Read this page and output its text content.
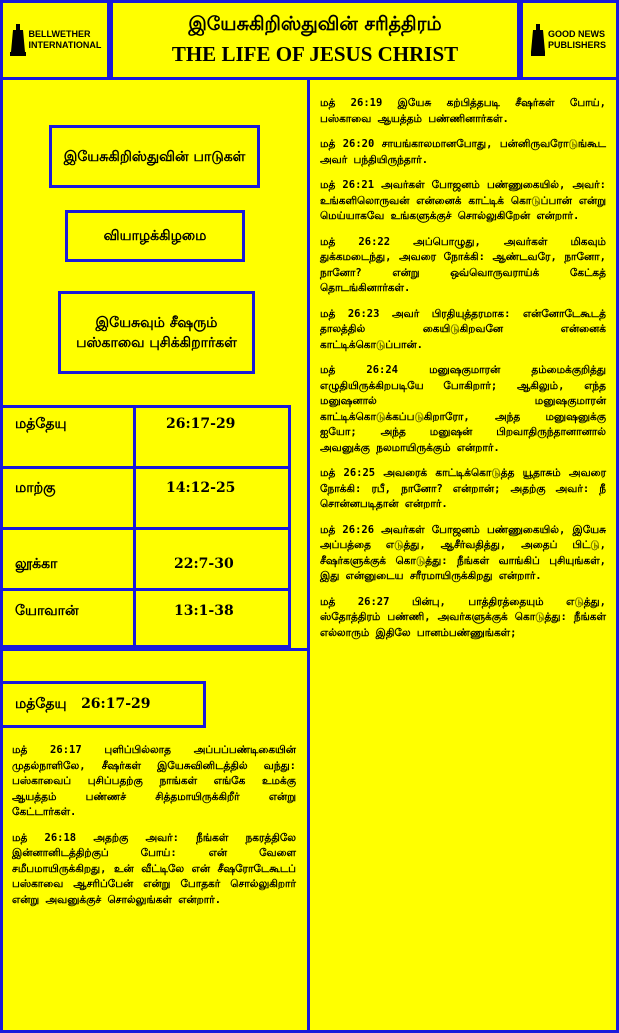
BELLWETHER INTERNATIONAL
இயேசுகிறிஸ்துவின் சரித்திரம்
THE LIFE OF JESUS CHRIST
GOOD NEWS PUBLISHERS
இயேசுகிறிஸ்துவின் பாடுகள்
வியாழக்கிழமை
இயேசுவும் சீஷரும் பஸ்காவை புசிக்கிறார்கள்
மத்தேயு	26:17-29
மாற்கு	14:12-25
லூக்கா	22:7-30
யோவான்	13:1-38
மத்தேயு   26:17-29

மத் 26:17 புளிப்பில்லாத அப்பப்பண்டிகையின் முதல்நாளிலே, சீஷர்கள் இயேசுவினிடத்தில் வந்து: பஸ்காவைப் புசிப்பதற்கு நாங்கள் எங்கே உமக்கு ஆயத்தம் பண்ணச் சித்தமாயிருக்கிறீர் என்று கேட்டார்கள்.

மத் 26:18 அதற்கு அவர்: நீங்கள் நகரத்திலே இன்னானிடத்திற்குப் போய்: என் வேளை சமீபமாயிருக்கிறது, உன் வீட்டிலே என் சீஷரோடேகூடப் பஸ்காவை ஆசரிப்பேன் என்று போதகர் சொல்லுகிறார் என்று அவனுக்குச் சொல்லுங்கள் என்றார்.

மத் 26:19 இயேசு கற்பித்தபடி சீஷர்கள் போய், பஸ்காவை ஆயத்தம் பண்ணினார்கள்.

மத் 26:20 சாயங்காலமானபோது, பன்னிருவரோடுங்கூட அவர் பந்தியிருந்தார்.

மத் 26:21 அவர்கள் போஜனம் பண்ணுகையில், அவர்: உங்களிலொருவன் என்னைக் காட்டிக் கொடுப்பான் என்று மெய்யாகவே உங்களுக்குச் சொல்லுகிறேன் என்றார்.

மத் 26:22 அப்பொழுது, அவர்கள் மிகவும் துக்கமடைந்து, அவரை நோக்கி: ஆண்டவரே, நானோ, நானோ? என்று ஒவ்வொருவராய்க் கேட்கத் தொடங்கினார்கள்.

மத் 26:23 அவர் பிரதியுத்தரமாக: என்னோடேகூடத் தாலத்தில் கையிடுகிறவனே என்னைக் காட்டிக்கொடுப்பான்.

மத் 26:24 மனுஷகுமாரன் தம்மைக்குறித்து எழுதியிருக்கிறபடியே போகிறார்; ஆகிலும், எந்த மனுஷனால் மனுஷகுமாரன் காட்டிக்கொடுக்கப்படுகிறாரோ, அந்த மனுஷனுக்கு ஐயோ; அந்த மனுஷன் பிறவாதிருந்தானானால் அவனுக்கு நலமாயிருக்கும் என்றார்.

மத் 26:25 அவரைக் காட்டிக்கொடுத்த யூதாசும் அவரை நோக்கி: ரபீ, நானோ? என்றான்; அதற்கு அவர்: நீ சொன்னபடிதான் என்றார்.

மத் 26:26 அவர்கள் போஜனம் பண்ணுகையில், இயேசு அப்பத்தை எடுத்து, ஆசீர்வதித்து, அதைப் பிட்டு, சீஷர்களுக்குக் கொடுத்து: நீங்கள் வாங்கிப் புசியுங்கள், இது என்னுடைய சரீரமாயிருக்கிறது என்றார்.

மத் 26:27 பின்பு, பாத்திரத்தையும் எடுத்து, ஸ்தோத்திரம் பண்ணி, அவர்களுக்குக் கொடுத்து: நீங்கள் எல்லாரும் இதிலே பானம்பண்ணுங்கள்;
